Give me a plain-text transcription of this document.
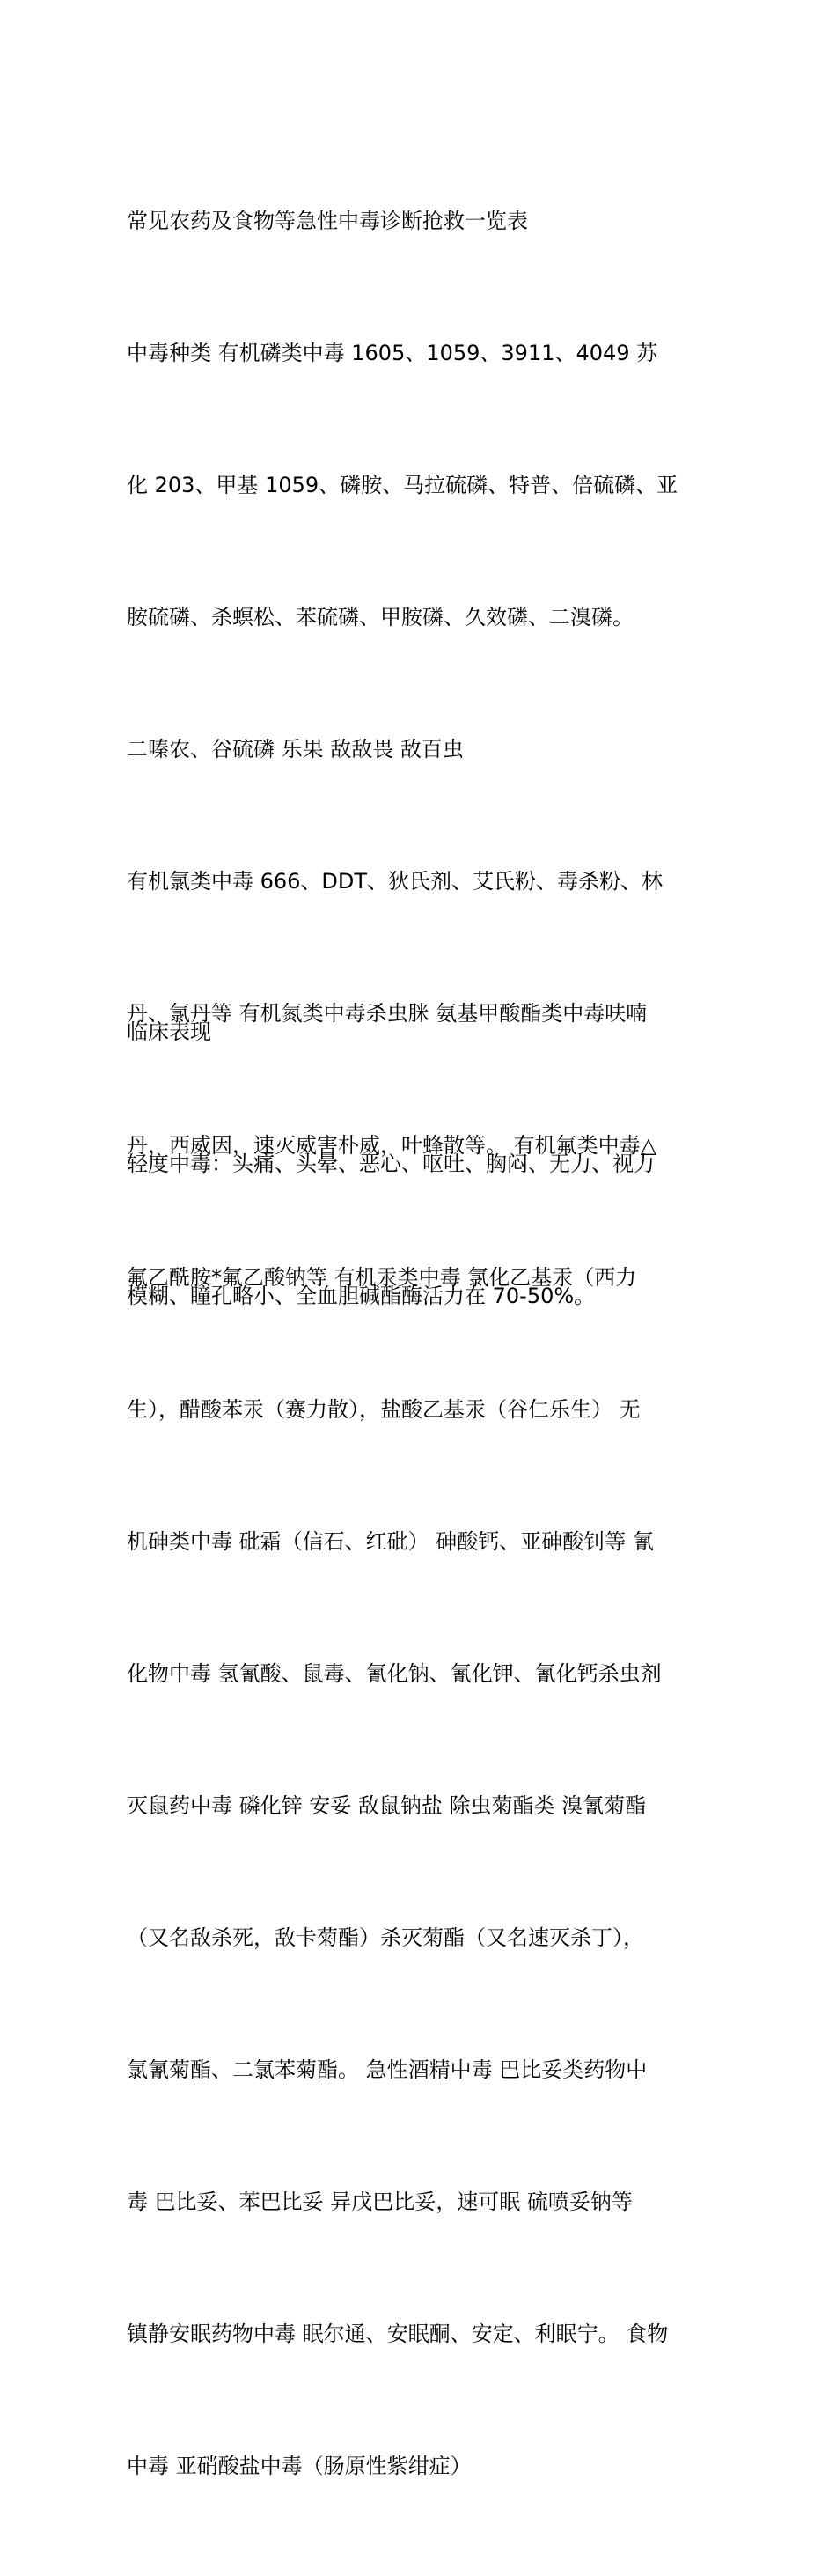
常见农药及食物等急性中毒诊断抢救一览表

中毒种类 有机磷类中毒 1605、1059、3911、4049 苏

化 203、甲基 1059、磷胺、马拉硫磷、特普、倍硫磷、亚

胺硫磷、杀螟松、苯硫磷、甲胺磷、久效磷、二溴磷。

二嗪农、谷硫磷 乐果 敌敌畏 敌百虫

有机氯类中毒 666、DDT、狄氏剂、艾氏粉、毒杀粉、林

丹、氯丹等 有机氮类中毒杀虫脒 氨基甲酸酯类中毒呋喃

丹，西威因，速灭威害朴威，叶蜂散等。 有机氟类中毒△

氟乙酰胺*氟乙酸钠等 有机汞类中毒 氯化乙基汞（西力

生），醋酸苯汞（赛力散），盐酸乙基汞（谷仁乐生） 无

机砷类中毒 砒霜（信石、红砒） 砷酸钙、亚砷酸钊等 氰

化物中毒 氢氰酸、鼠毒、氰化钠、氰化钾、氰化钙杀虫剂

灭鼠药中毒 磷化锌 安妥 敌鼠钠盐 除虫菊酯类 溴氰菊酯

（又名敌杀死，敌卡菊酯）杀灭菊酯（又名速灭杀丁），

氯氰菊酯、二氯苯菊酯。 急性酒精中毒 巴比妥类药物中

毒 巴比妥、苯巴比妥 异戊巴比妥，速可眠 硫喷妥钠等

镇静安眠药物中毒 眠尔通、安眠酮、安定、利眠宁。 食物

中毒 亚硝酸盐中毒（肠原性紫绀症）

临床表现

轻度中毒：头痛、头晕、恶心、呕吐、胸闷、无力、视力

模糊、瞳孔略小、全血胆碱酯酶活力在 70-50%。
